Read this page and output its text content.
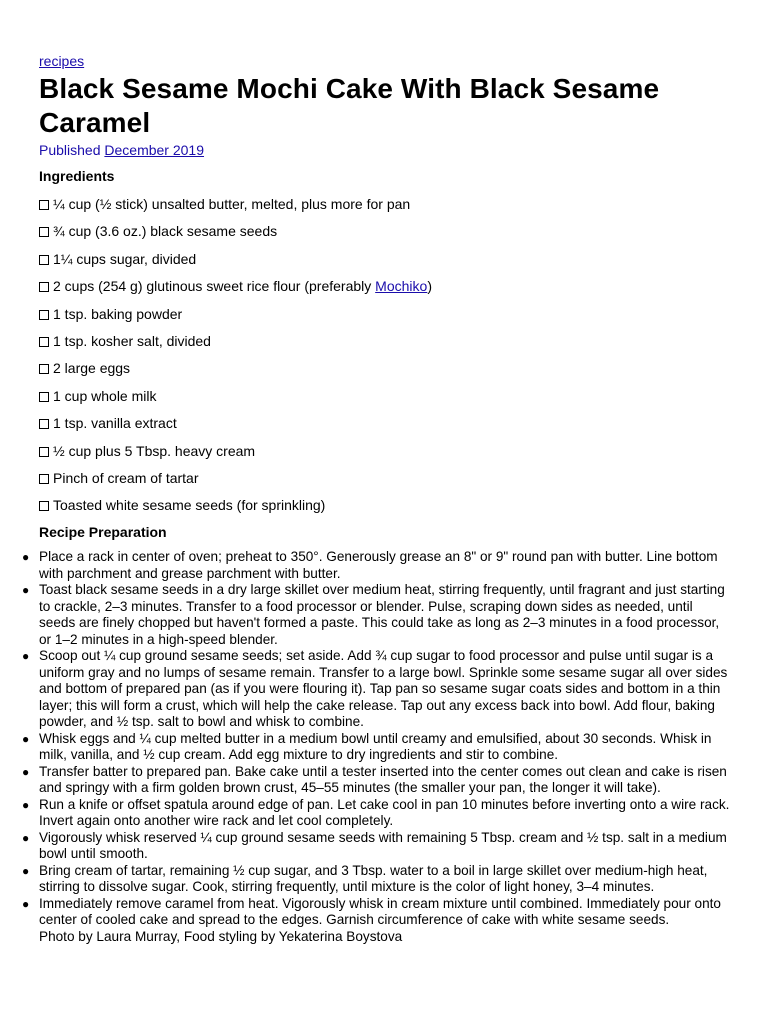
recipes
Black Sesame Mochi Cake With Black Sesame Caramel
Published December 2019
Ingredients
¼ cup (½ stick) unsalted butter, melted, plus more for pan
¾ cup (3.6 oz.) black sesame seeds
1¼ cups sugar, divided
2 cups (254 g) glutinous sweet rice flour (preferably Mochiko)
1 tsp. baking powder
1 tsp. kosher salt, divided
2 large eggs
1 cup whole milk
1 tsp. vanilla extract
½ cup plus 5 Tbsp. heavy cream
Pinch of cream of tartar
Toasted white sesame seeds (for sprinkling)
Recipe Preparation
● Place a rack in center of oven; preheat to 350°. Generously grease an 8" or 9" round pan with butter. Line bottom with parchment and grease parchment with butter.
● Toast black sesame seeds in a dry large skillet over medium heat, stirring frequently, until fragrant and just starting to crackle, 2–3 minutes. Transfer to a food processor or blender. Pulse, scraping down sides as needed, until seeds are finely chopped but haven't formed a paste. This could take as long as 2–3 minutes in a food processor, or 1–2 minutes in a high-speed blender.
● Scoop out ¼ cup ground sesame seeds; set aside. Add ¾ cup sugar to food processor and pulse until sugar is a uniform gray and no lumps of sesame remain. Transfer to a large bowl. Sprinkle some sesame sugar all over sides and bottom of prepared pan (as if you were flouring it). Tap pan so sesame sugar coats sides and bottom in a thin layer; this will form a crust, which will help the cake release. Tap out any excess back into bowl. Add flour, baking powder, and ½ tsp. salt to bowl and whisk to combine.
● Whisk eggs and ¼ cup melted butter in a medium bowl until creamy and emulsified, about 30 seconds. Whisk in milk, vanilla, and ½ cup cream. Add egg mixture to dry ingredients and stir to combine.
● Transfer batter to prepared pan. Bake cake until a tester inserted into the center comes out clean and cake is risen and springy with a firm golden brown crust, 45–55 minutes (the smaller your pan, the longer it will take).
● Run a knife or offset spatula around edge of pan. Let cake cool in pan 10 minutes before inverting onto a wire rack. Invert again onto another wire rack and let cool completely.
● Vigorously whisk reserved ¼ cup ground sesame seeds with remaining 5 Tbsp. cream and ½ tsp. salt in a medium bowl until smooth.
● Bring cream of tartar, remaining ½ cup sugar, and 3 Tbsp. water to a boil in large skillet over medium-high heat, stirring to dissolve sugar. Cook, stirring frequently, until mixture is the color of light honey, 3–4 minutes.
● Immediately remove caramel from heat. Vigorously whisk in cream mixture until combined. Immediately pour onto center of cooled cake and spread to the edges. Garnish circumference of cake with white sesame seeds.
Photo by Laura Murray, Food styling by Yekaterina Boystova
